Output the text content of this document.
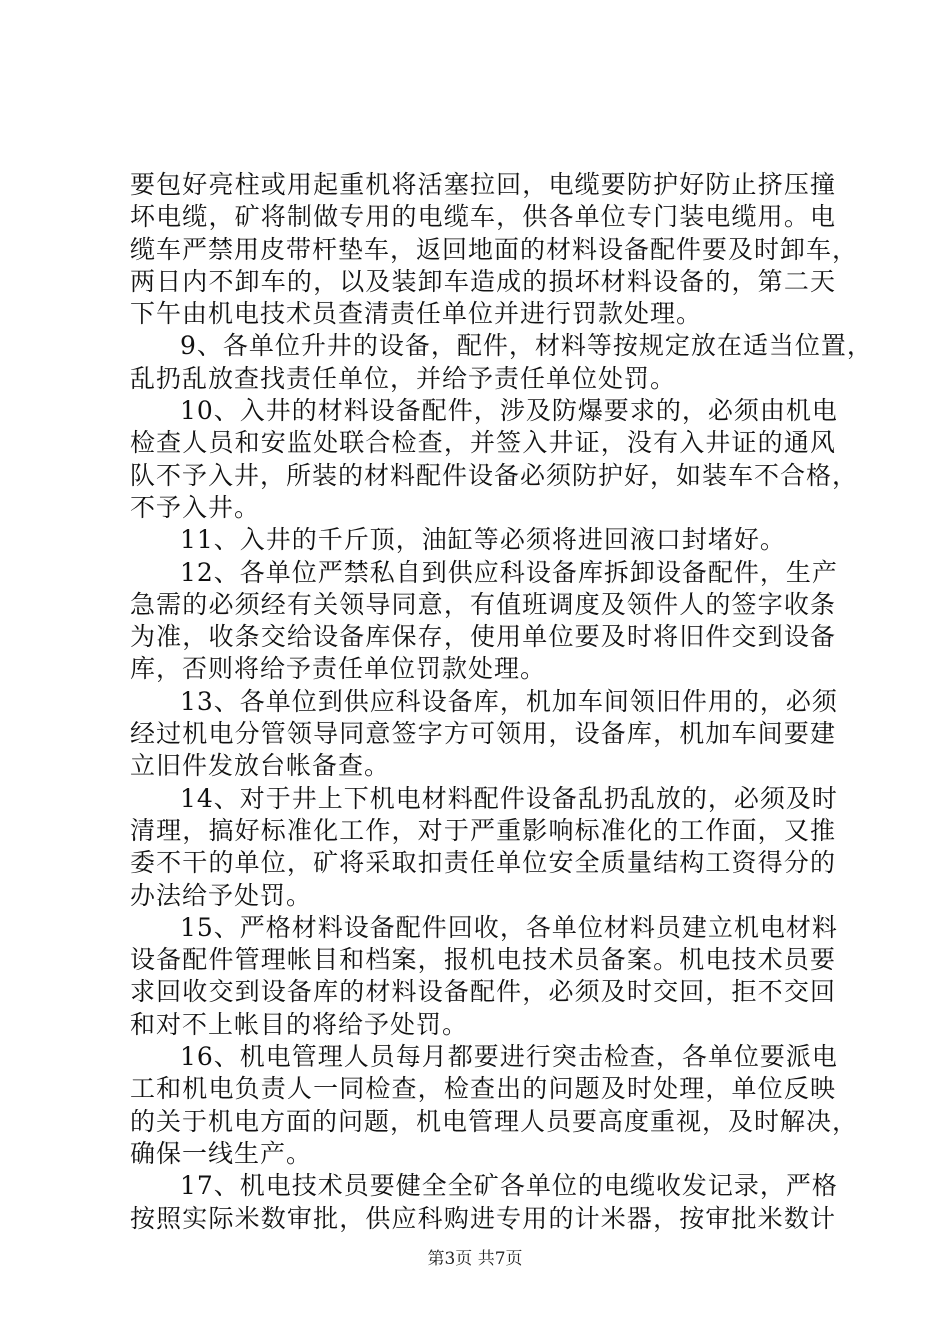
要包好亮柱或用起重机将活塞拉回，电缆要防护好防止挤压撞
坏电缆，矿将制做专用的电缆车，供各单位专门装电缆用。电
缆车严禁用皮带杆垫车，返回地面的材料设备配件要及时卸车，
两日内不卸车的，以及装卸车造成的损坏材料设备的，第二天
下午由机电技术员查清责任单位并进行罚款处理。
9、各单位升井的设备，配件，材料等按规定放在适当位置，
乱扔乱放查找责任单位，并给予责任单位处罚。
10、入井的材料设备配件，涉及防爆要求的，必须由机电
检查人员和安监处联合检查，并签入井证，没有入井证的通风
队不予入井，所装的材料配件设备必须防护好，如装车不合格，
不予入井。
11、入井的千斤顶，油缸等必须将进回液口封堵好。
12、各单位严禁私自到供应科设备库拆卸设备配件，生产
急需的必须经有关领导同意，有值班调度及领件人的签字收条
为准，收条交给设备库保存，使用单位要及时将旧件交到设备
库，否则将给予责任单位罚款处理。
13、各单位到供应科设备库，机加车间领旧件用的，必须
经过机电分管领导同意签字方可领用，设备库，机加车间要建
立旧件发放台帐备查。
14、对于井上下机电材料配件设备乱扔乱放的，必须及时
清理，搞好标准化工作，对于严重影响标准化的工作面，又推
委不干的单位，矿将采取扣责任单位安全质量结构工资得分的
办法给予处罚。
15、严格材料设备配件回收，各单位材料员建立机电材料
设备配件管理帐目和档案，报机电技术员备案。机电技术员要
求回收交到设备库的材料设备配件，必须及时交回，拒不交回
和对不上帐目的将给予处罚。
16、机电管理人员每月都要进行突击检查，各单位要派电
工和机电负责人一同检查，检查出的问题及时处理，单位反映
的关于机电方面的问题，机电管理人员要高度重视，及时解决，
确保一线生产。
17、机电技术员要健全全矿各单位的电缆收发记录，严格
按照实际米数审批，供应科购进专用的计米器，按审批米数计
第3页 共7页
